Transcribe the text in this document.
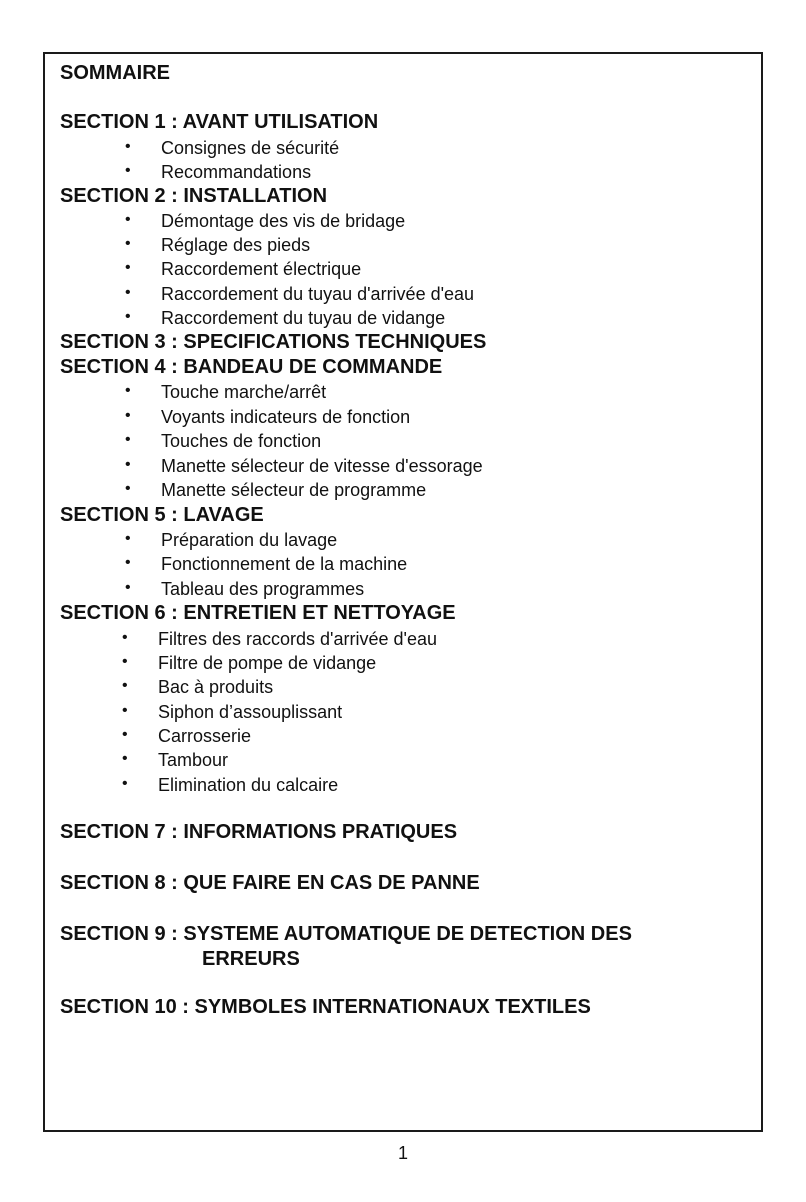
SOMMAIRE
SECTION 1 : AVANT UTILISATION
• Consignes de sécurité
• Recommandations
SECTION 2 : INSTALLATION
• Démontage des vis de bridage
• Réglage des pieds
• Raccordement électrique
• Raccordement du tuyau d'arrivée d'eau
• Raccordement du tuyau de vidange
SECTION 3 : SPECIFICATIONS TECHNIQUES
SECTION 4 : BANDEAU DE COMMANDE
• Touche marche/arrêt
• Voyants indicateurs de fonction
• Touches de fonction
• Manette sélecteur de vitesse d'essorage
• Manette sélecteur de programme
SECTION 5 : LAVAGE
• Préparation du lavage
• Fonctionnement de la machine
• Tableau des programmes
SECTION 6 : ENTRETIEN ET NETTOYAGE
• Filtres des raccords d'arrivée d'eau
• Filtre de pompe de vidange
• Bac à produits
• Siphon d’assouplissant
• Carrosserie
• Tambour
• Elimination du calcaire
SECTION 7 : INFORMATIONS PRATIQUES
SECTION 8 : QUE FAIRE EN CAS DE PANNE
SECTION 9 : SYSTEME AUTOMATIQUE DE DETECTION DES
ERREURS
SECTION 10 : SYMBOLES INTERNATIONAUX TEXTILES
1
